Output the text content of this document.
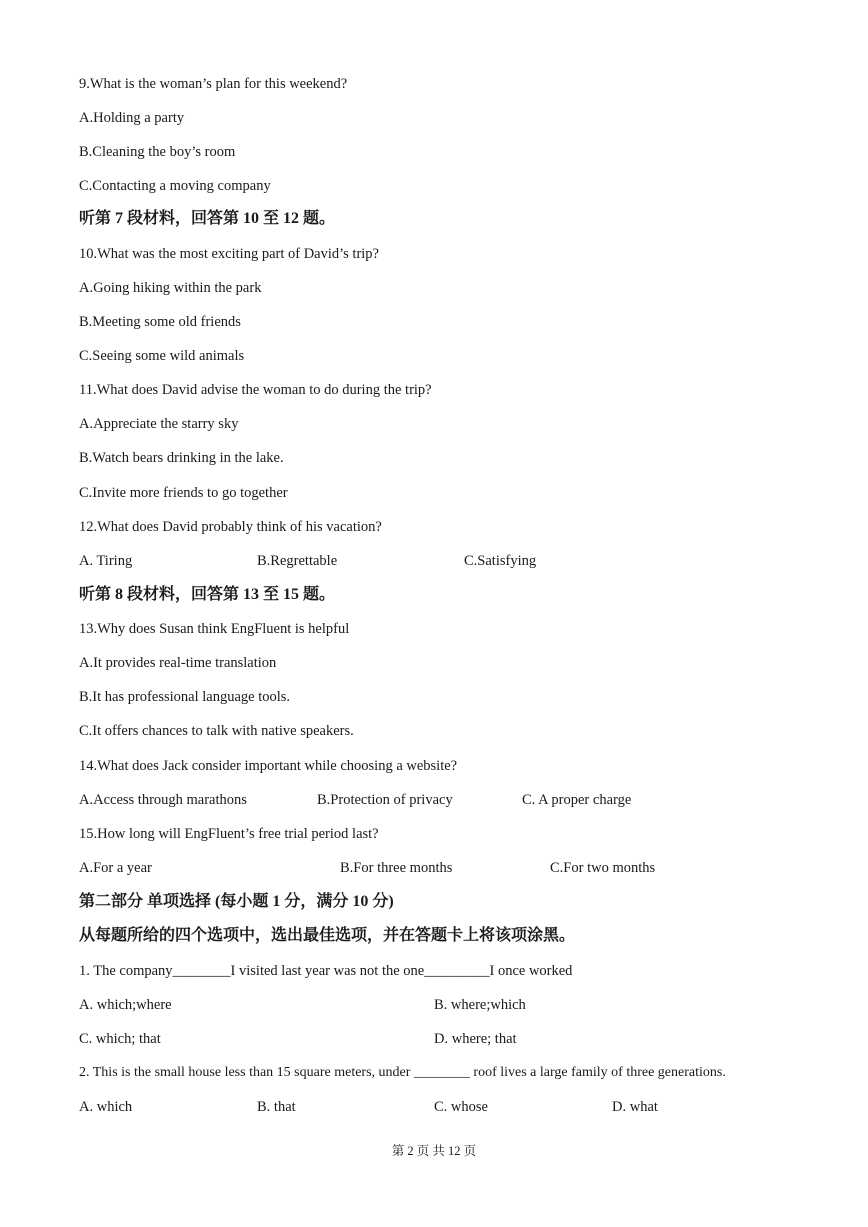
9.What is the woman’s plan for this weekend?
A.Holding a party
B.Cleaning the boy’s room
C.Contacting a moving company
听第 7 段材料，回答第 10 至 12 题。
10.What was the most exciting part of David’s trip?
A.Going hiking within the park
B.Meeting some old friends
C.Seeing some wild animals
11.What does David advise the woman to do during the trip?
A.Appreciate the starry sky
B.Watch bears drinking in the lake.
C.Invite more friends to go together
12.What does David probably think of his vacation?
A. Tiring	B.Regrettable	C.Satisfying
听第 8 段材料，回答第 13 至 15 题。
13.Why does Susan think EngFluent is helpful
A.It provides real-time translation
B.It has professional language tools.
C.It offers chances to talk with native speakers.
14.What does Jack consider important while choosing a website?
A.Access through marathons	B.Protection of privacy	C. A proper charge
15.How long will EngFluent’s free trial period last?
A.For a year	B.For three months	C.For two months
第二部分 单项选择 (每小题 1 分，满分 10 分)
从每题所给的四个选项中，选出最佳选项，并在答题卡上将该项涂黑。
1. The company________I visited last year was not the one_________I once worked
A. which;where	B. where;which
C. which; that	D. where; that
2. This is the small house less than 15 square meters, under ________ roof lives a large family of three generations.
A. which	B. that	C. whose	D. what
第 2 页 共 12 页
